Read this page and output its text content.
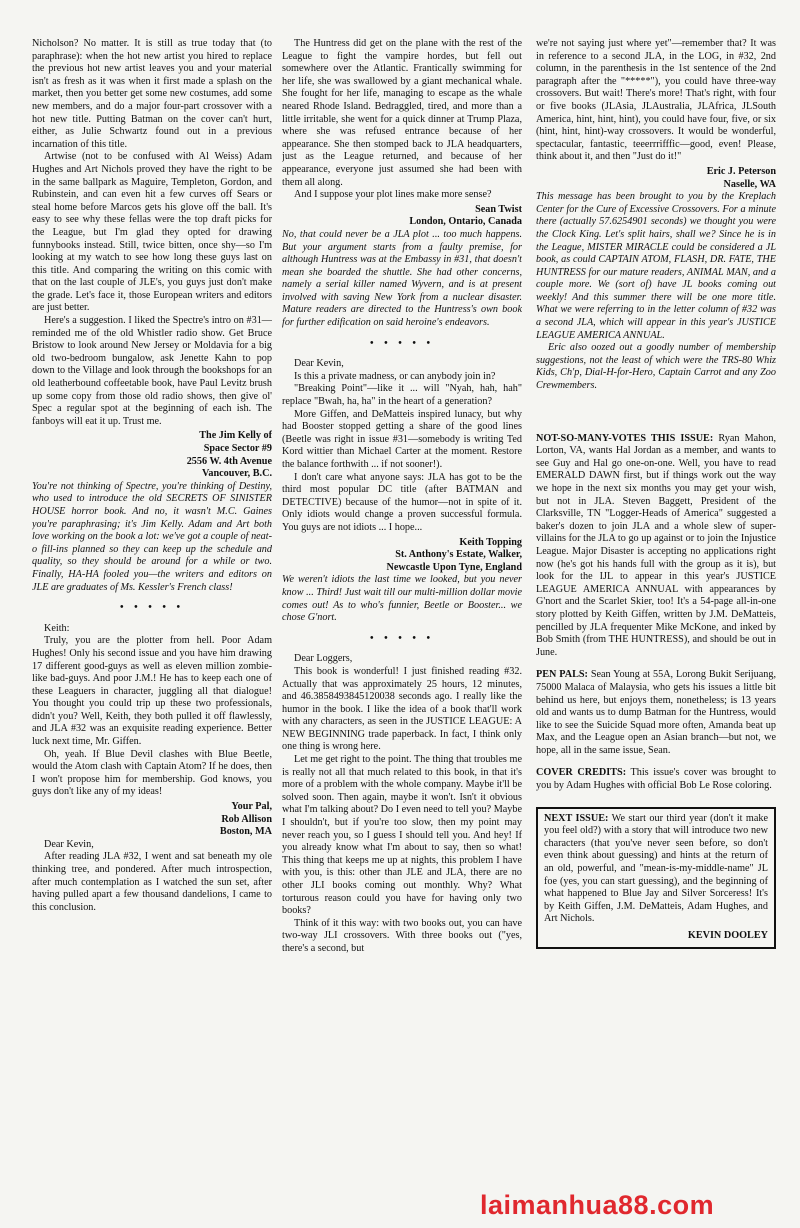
Nicholson? No matter. It is still as true today that (to paraphrase): when the hot new artist you hired to replace the previous hot new artist leaves you and your material isn't as fresh as it was when it first made a splash on the market, then you better get some new costumes, add some new members, and do a major four-part crossover with a hot new title. Putting Batman on the cover can't hurt, either, as Julie Schwartz found out in a previous incarnation of this title.

Artwise (not to be confused with Al Weiss) Adam Hughes and Art Nichols proved they have the right to be in the same ballpark as Maguire, Templeton, Gordon, and Rubinstein, and can even hit a few curves off Sears or steal home before Marcos gets his glove off the ball. It's easy to see why these fellas were the top draft picks for the League, but I'm glad they opted for drawing funnybooks instead. Still, twice bitten, once shy—so I'm looking at my watch to see how long these guys last on this title. And comparing the writing on this comic with that on the last couple of JLE's, you guys just don't make the grade. Let's face it, those European writers and editors are just better.

Here's a suggestion. I liked the Spectre's intro on #31—reminded me of the old Whistler radio show. Get Bruce Bristow to look around New Jersey or Moldavia for a big old two-bedroom bungalow, ask Jenette Kahn to pop down to the Village and look through the bookshops for an old leatherbound coffeetable book, have Paul Levitz brush up some copy from those old radio shows, then give ol' Spec a regular spot at the beginning of each ish. The fanboys will eat it up. Trust me.

The Jim Kelly of
Space Sector #9
2556 W. 4th Avenue
Vancouver, B.C.

You're not thinking of Spectre, you're thinking of Destiny, who used to introduce the old SECRETS OF SINISTER HOUSE horror book. And no, it wasn't M.C. Gaines you're paraphrasing; it's Jim Kelly. Adam and Art both love working on the book a lot: we've got a couple of neat-o fill-ins planned so they can keep up the schedule and quality, so they should be around for a while or two. Finally, HA-HA fooled you—the writers and editors on JLE are graduates of Ms. Kessler's French class!

• • • • •

Keith:

Truly, you are the plotter from hell. Poor Adam Hughes! Only his second issue and you have him drawing 17 different good-guys as well as eleven million zombie-like bad-guys. And poor J.M.! He has to keep each one of these Leaguers in character, juggling all that dialogue! You thought you could trip up these two professionals, didn't you? Well, Keith, they both pulled it off flawlessly, and JLA #32 was an exquisite reading experience. Better luck next time, Mr. Giffen.

Oh, yeah. If Blue Devil clashes with Blue Beetle, would the Atom clash with Captain Atom? If he does, then I won't propose him for membership. God knows, you guys don't like any of my ideas!

Your Pal,
Rob Allison
Boston, MA

Dear Kevin,

After reading JLA #32, I went and sat beneath my ole thinking tree, and pondered. After much introspection, after much contemplation as I watched the sun set, after having pulled apart a few thousand dandelions, I came to this conclusion.

The Huntress did get on the plane with the rest of the League to fight the vampire hordes, but fell out somewhere over the Atlantic. Frantically swimming for her life, she was swallowed by a giant mechanical whale. She fought for her life, managing to escape as the whale neared Rhode Island. Bedraggled, tired, and more than a little irritable, she went for a quick dinner at Trump Plaza, where she was refused entrance because of her appearance. She then stomped back to JLA headquarters, just as the League returned, and because of her appearance, everyone just assumed she had been with them all along.

And I suppose your plot lines make more sense?

Sean Twist
London, Ontario, Canada

No, that could never be a JLA plot ... too much happens. But your argument starts from a faulty premise, for although Huntress was at the Embassy in #31, that doesn't mean she boarded the shuttle. She had other concerns, namely a serial killer named Wyvern, and is at present involved with saving New York from a nuclear disaster. Mature readers are directed to the Huntress's own book for further edification on said heroine's endeavors.

• • • • •

Dear Kevin,

Is this a private madness, or can anybody join in?

"Breaking Point"—like it ... will "Nyah, hah, hah" replace "Bwah, ha, ha" in the heart of a generation?

More Giffen, and DeMatteis inspired lunacy, but why had Booster stopped getting a share of the good lines (Beetle was right in issue #31—somebody is writing Ted Kord wittier than Michael Carter at the moment. Restore the balance forthwith ... if not sooner!).

I don't care what anyone says: JLA has got to be the third most popular DC title (after BATMAN and DETECTIVE) because of the humor—not in spite of it. Only idiots would change a proven successful formula. You guys are not idiots ... I hope...

Keith Topping
St. Anthony's Estate, Walker,
Newcastle Upon Tyne, England

We weren't idiots the last time we looked, but you never know ... Third! Just wait till our multi-million dollar movie comes out! As to who's funnier, Beetle or Booster... we chose G'nort.

• • • • •

Dear Loggers,

This book is wonderful! I just finished reading #32. Actually that was approximately 25 hours, 12 minutes, and 46.3858493845120038 seconds ago. I really like the humor in the book. I like the idea of a book that'll work with any characters, as seen in the JUSTICE LEAGUE: A NEW BEGINNING trade paperback. In fact, I think only one thing is wrong here.

Let me get right to the point. The thing that troubles me is really not all that much related to this book, in that it's more of a problem with the whole company. Maybe it'll be solved soon. Then again, maybe it won't. Isn't it obvious what I'm talking about? Do I even need to tell you? Maybe I shouldn't, but if you're too slow, then my point may never reach you, so I guess I should tell you. And hey! If you already know what I'm about to say, then so what! This thing that keeps me up at nights, this problem I have with you, is this: other than JLE and JLA, there are no other JLI books coming out monthly. Why? What torturous reason could you have for having only two books?

Think of it this way: with two books out, you can have two-way JLI crossovers. With three books out ("yes, there's a second, but

we're not saying just where yet"—remember that? It was in reference to a second JLA, in the LOG, in #32, 2nd column, in the parenthesis in the 1st sentence of the 2nd paragraph after the "*****"), you could have three-way crossovers. But wait! There's more! That's right, with four or five books (JLAsia, JLAustralia, JLAfrica, JLSouth America, hint, hint, hint), you could have four, five, or six (hint, hint, hint)-way crossovers. It would be wonderful, spectacular, fantastic, teeerrrifffic—good, even! Please, think about it, and then "Just do it!"

Eric J. Peterson
Naselle, WA

This message has been brought to you by the Kreplach Center for the Cure of Excessive Crossovers. For a minute there (actually 57.6254901 seconds) we thought you were the Clock King. Let's split hairs, shall we? Since he is in the League, MISTER MIRACLE could be considered a JL book, as could CAPTAIN ATOM, FLASH, DR. FATE, THE HUNTRESS for our mature readers, ANIMAL MAN, and a couple more. We (sort of) have JL books coming out weekly! And this summer there will be one more title. What we were referring to in the letter column of #32 was a second JLA, which will appear in this year's JUSTICE LEAGUE AMERICA ANNUAL.

Eric also oozed out a goodly number of membership suggestions, not the least of which were the TRS-80 Whiz Kids, Ch'p, Dial-H-for-Hero, Captain Carrot and any Zoo Crewmembers.

NOT-SO-MANY-VOTES THIS ISSUE: Ryan Mahon, Lorton, VA, wants Hal Jordan as a member, and wants to see Guy and Hal go one-on-one. Well, you have to read EMERALD DAWN first, but if things work out the way we hope in the next six months you may get your wish, but not in JLA. Steven Baggett, President of the Clarksville, TN "Logger-Heads of America" suggested a baker's dozen to join JLA and a whole slew of super-villains for the JLA to go up against or to join the Injustice League. Major Disaster is accepting no applications right now (he's got his hands full with the group as it is), but look for the IJL to appear in this year's JUSTICE LEAGUE AMERICA ANNUAL with appearances by G'nort and the Scarlet Skier, too! It's a 54-page all-in-one story plotted by Keith Giffen, written by J.M. DeMatteis, pencilled by JLA frequenter Mike McKone, and inked by Bob Smith (from THE HUNTRESS), and should be out in June.

PEN PALS: Sean Young at 55A, Lorong Bukit Serijuang, 75000 Malaca of Malaysia, who gets his issues a little bit behind us here, but enjoys them, nonetheless; is 13 years old and wants us to dump Batman for the Huntress, would like to see the Suicide Squad more often, Amanda beat up Max, and the League open an Asian branch—but not, we hope, all in the same issue, Sean.

COVER CREDITS: This issue's cover was brought to you by Adam Hughes with official Bob Le Rose coloring.

NEXT ISSUE: We start our third year (don't it make you feel old?) with a story that will introduce two new characters (that you've never seen before, so don't even think about guessing) and hints at the return of an old, powerful, and "mean-is-my-middle-name" JL foe (yes, you can start guessing), and the beginning of what happened to Blue Jay and Silver Sorceress! It's by Keith Giffen, J.M. DeMatteis, Adam Hughes, and Art Nichols.
KEVIN DOOLEY
laimanhua88.com
